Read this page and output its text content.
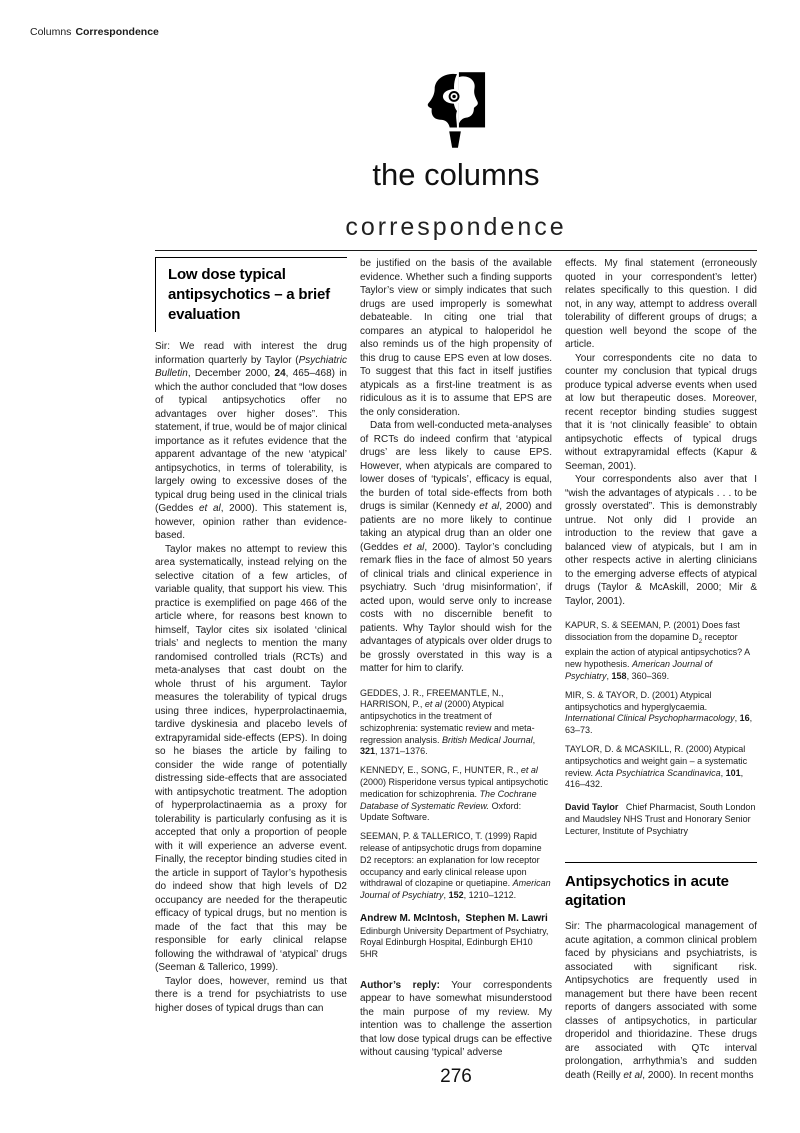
Columns Correspondence
the columns
correspondence
Low dose typical antipsychotics – a brief evaluation

Sir: We read with interest the drug information quarterly by Taylor (Psychiatric Bulletin, December 2000, 24, 465–468) in which the author concluded that “low doses of typical antipsychotics offer no advantages over higher doses”. This statement, if true, would be of major clinical importance as it refutes evidence that the apparent advantage of the new ‘atypical’ antipsychotics, in terms of tolerability, is largely owing to excessive doses of the typical drug being used in the clinical trials (Geddes et al, 2000). This statement is, however, opinion rather than evidence-based.

Taylor makes no attempt to review this area systematically, instead relying on the selective citation of a few articles, of variable quality, that support his view. This practice is exemplified on page 466 of the article where, for reasons best known to himself, Taylor cites six isolated ‘clinical trials’ and neglects to mention the many randomised controlled trials (RCTs) and meta-analyses that cast doubt on the whole thrust of his argument. Taylor measures the tolerability of typical drugs using three indices, hyperprolactinaemia, tardive dyskinesia and placebo levels of extrapyramidal side-effects (EPS). In doing so he biases the article by failing to consider the wide range of potentially distressing side-effects that are associated with antipsychotic treatment. The adoption of hyperprolactinaemia as a proxy for tolerability is particularly confusing as it is accepted that only a proportion of people with it will experience an adverse event. Finally, the receptor binding studies cited in the article in support of Taylor’s hypothesis do indeed show that high levels of D2 occupancy are needed for the therapeutic efficacy of typical drugs, but no mention is made of the fact that this may be responsible for early clinical relapse following the withdrawal of ‘atypical’ drugs (Seeman & Tallerico, 1999).

Taylor does, however, remind us that there is a trend for psychiatrists to use higher doses of typical drugs than can

be justified on the basis of the available evidence. Whether such a finding supports Taylor’s view or simply indicates that such drugs are used improperly is somewhat debateable. In citing one trial that compares an atypical to haloperidol he also reminds us of the high propensity of this drug to cause EPS even at low doses. To suggest that this fact in itself justifies atypicals as a first-line treatment is as ridiculous as it is to assume that EPS are the only consideration.

Data from well-conducted meta-analyses of RCTs do indeed confirm that ‘atypical drugs’ are less likely to cause EPS. However, when atypicals are compared to lower doses of ‘typicals’, efficacy is equal, the burden of total side-effects from both drugs is similar (Kennedy et al, 2000) and patients are no more likely to continue taking an atypical drug than an older one (Geddes et al, 2000). Taylor’s concluding remark flies in the face of almost 50 years of clinical trials and clinical experience in psychiatry. Such ‘drug misinformation’, if acted upon, would serve only to increase costs with no discernible benefit to patients. Why Taylor should wish for the advantages of atypicals over older drugs to be grossly overstated in this way is a matter for him to clarify.

GEDDES, J. R., FREEMANTLE, N., HARRISON, P., et al (2000) Atypical antipsychotics in the treatment of schizophrenia: systematic review and meta-regression analysis. British Medical Journal, 321, 1371–1376.

KENNEDY, E., SONG, F., HUNTER, R., et al (2000) Risperidone versus typical antipsychotic medication for schizophrenia. The Cochrane Database of Systematic Review. Oxford: Update Software.

SEEMAN, P. & TALLERICO, T. (1999) Rapid release of antipsychotic drugs from dopamine D2 receptors: an explanation for low receptor occupancy and early clinical release upon withdrawal of clozapine or quetiapine. American Journal of Psychiatry, 152, 1210–1212.

Andrew M. McIntosh,  Stephen M. Lawri
Edinburgh University Department of Psychiatry, Royal Edinburgh Hospital, Edinburgh EH10 5HR

Author’s reply: Your correspondents appear to have somewhat misunderstood the main purpose of my review. My intention was to challenge the assertion that low dose typical drugs can be effective without causing ‘typical’ adverse

effects. My final statement (erroneously quoted in your correspondent’s letter) relates specifically to this question. I did not, in any way, attempt to address overall tolerability of different groups of drugs; a question well beyond the scope of the article.

Your correspondents cite no data to counter my conclusion that typical drugs produce typical adverse events when used at low but therapeutic doses. Moreover, recent receptor binding studies suggest that it is ‘not clinically feasible’ to obtain antipsychotic effects of typical drugs without extrapyramidal effects (Kapur & Seeman, 2001).

Your correspondents also aver that I “wish the advantages of atypicals . . . to be grossly overstated”. This is demonstrably untrue. Not only did I provide an introduction to the review that gave a balanced view of atypicals, but I am in other respects active in alerting clinicians to the emerging adverse effects of atypical drugs (Taylor & McAskill, 2000; Mir & Taylor, 2001).

KAPUR, S. & SEEMAN, P. (2001) Does fast dissociation from the dopamine $D_2$ receptor explain the action of atypical antipsychotics? A new hypothesis. American Journal of Psychiatry, 158, 360–369.

MIR, S. & TAYOR, D. (2001) Atypical antipsychotics and hyperglycaemia. International Clinical Psychopharmacology, 16, 63–73.

TAYLOR, D. & MCASKILL, R. (2000) Atypical antipsychotics and weight gain – a systematic review. Acta Psychiatrica Scandinavica, 101, 416–432.

David Taylor   Chief Pharmacist, South London and Maudsley NHS Trust and Honorary Senior Lecturer, Institute of Psychiatry
Antipsychotics in acute agitation

Sir: The pharmacological management of acute agitation, a common clinical problem faced by physicians and psychiatrists, is associated with significant risk. Antipsychotics are frequently used in management but there have been recent reports of dangers associated with some classes of antipsychotics, in particular droperidol and thioridazine. These drugs are associated with QTc interval prolongation, arrhythmia’s and sudden death (Reilly et al, 2000). In recent months

276
